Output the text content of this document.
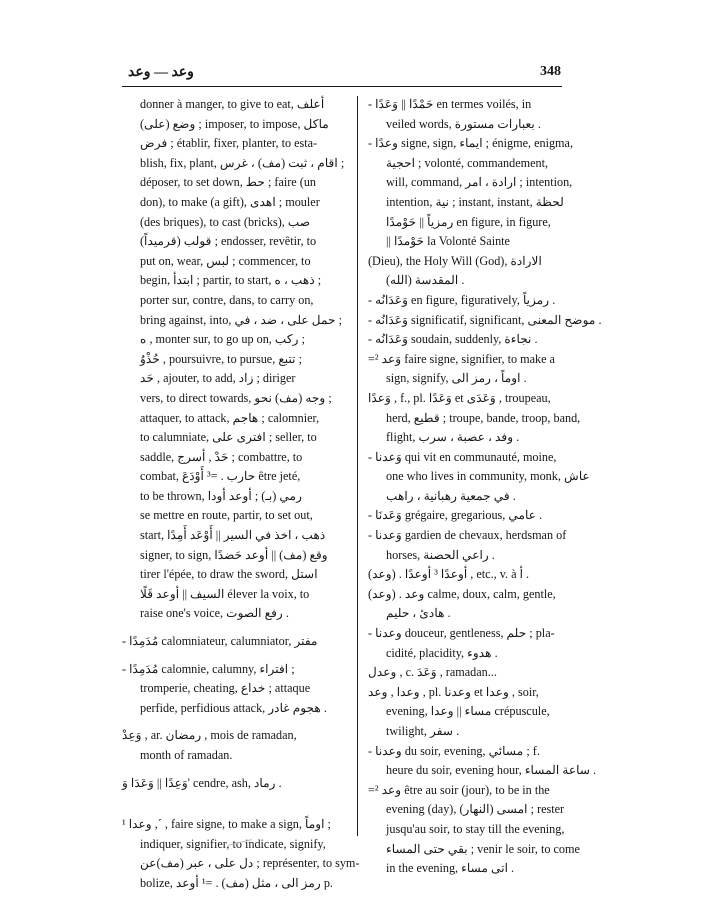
وعد — وعد	348
donner à manger, to give to eat, أعلف
وضع (على) ; imposer, to impose, ماكل
فرض ; établir, fixer, planter, to esta-
blish, fix, plant, اقام ، ثبت (مف) ، غرس ;
déposer, to set down, حط ; faire (un
don), to make (a gift), اهدى ; mouler
(des briques), to cast (bricks), صب
قولب (قرميداً) ; endosser, revêtir, to
put on, wear, لبس ; commencer, to
begin, ابتدأ ; partir, to start, ذهب ، ه ;
porter sur, contre, dans, to carry on,
bring against, into, حمل على ، ضد ، في ;
ه , monter sur, to go up on, ركب ;
حُذْوُ , poursuivre, to pursue, تتبع ;
حَد , ajouter, to add, زاد ; diriger
vers, to direct towards, وجه (مف) نحو ;
attaquer, to attack, هاجم ; calomnier,
to calumniate, افترى على ; seller, to
saddle, حَدْ , أسرج ; combattre, to
combat, حارب . =³ أَوْدَعَ être jeté,
to be thrown, رمي (بـ) ; أوعد أودا
se mettre en route, partir, to set out,
start, ذهب ، اخذ في السير || أَوْعَد أَمِدًا
signer, to sign, وقع (مف) || أوعد حَضدًا
tirer l'épée, to draw the sword, استل
السيف || أوعد قَلًا élever la voix, to
raise one's voice, رفع الصوت .
- مُدَمِدًا calomniateur, calumniator, مفتر
- مُدَمِدًا calomnie, calumny, افتراء ;
tromperie, cheating, خداع ; attaque
perfide, perfidious attack, هجوم غادر .
وَعِدْ , ar. رمضان , mois de ramadan,
month of ramadan.
وَعِدًا || وَعَدَا وَ' cendre, ash, رماد .
¹ وعدا ,´ , faire signe, to make a sign, اوماً ;
indiquer, signifier, to indicate, signify,
دل على ، عبر (مف)عن ; représenter, to sym-
bolize, رمز الى ، مثل (مف) . =¹ أوعد p.
- حَمْدًا || وَعَدًا en termes voilés, in
veiled words, بعبارات مستورة .
- وعدًا signe, sign, ايماء ; énigme, enigma,
احجية ; volonté, commandement,
will, command, ارادة ، امر ; intention,
intention, نية ; instant, instant, لحظة
رمزياً || حَوْمدًا en figure, in figure,
|| حَوْمدًا la Volonté Sainte
(Dieu), the Holy Will (God), الارادة
المقدسة (الله) .
- وَعَدَانُه en figure, figuratively, رمزياً .
- وَعَدَانُه significatif, significant, موضح المعنى .
- وَعَدَانُه soudain, suddenly, نجاءة .
=² وَعد faire signe, signifier, to make a
sign, signify, اوماً ، رمز الى .
وَعدًا , f., pl. وَعَدًا et وَعَدَى , troupeau,
herd, قطيع ; troupe, bande, troop, band,
flight, وفد ، عصبة ، سرب .
- وَعدنا qui vit en communauté, moine,
one who lives in community, monk, عاش
في جمعية رهبانية ، راهب .
- وَعَدنَا grégaire, gregarious, عامي .
- وَعدنا gardien de chevaux, herdsman of
horses, راعي الحصنة .
(وعد) . أوعدًا ³ أوعدًا , etc., v. à أ .
(وعد) . وعد calme, doux, calm, gentle,
هادئ ، حليم .
- وعدنا douceur, gentleness, حلم ; pla-
cidité, placidity, هدوء .
وعدل , c. وَعَدَ , ramadan...
وعدا , وعد , pl. وعدنا et وعدا , soir,
evening, مساء || وعدا crépuscule,
twilight, سفر .
- وعدنا du soir, evening, مسائي ; f.
heure du soir, evening hour, ساعة المساء .
=² وعد être au soir (jour), to be in the
evening (day), امسى (النهار) ; rester
jusqu'au soir, to stay till the evening,
بقي حتى المساء ; venir le soir, to come
in the evening, اتى مساء .
